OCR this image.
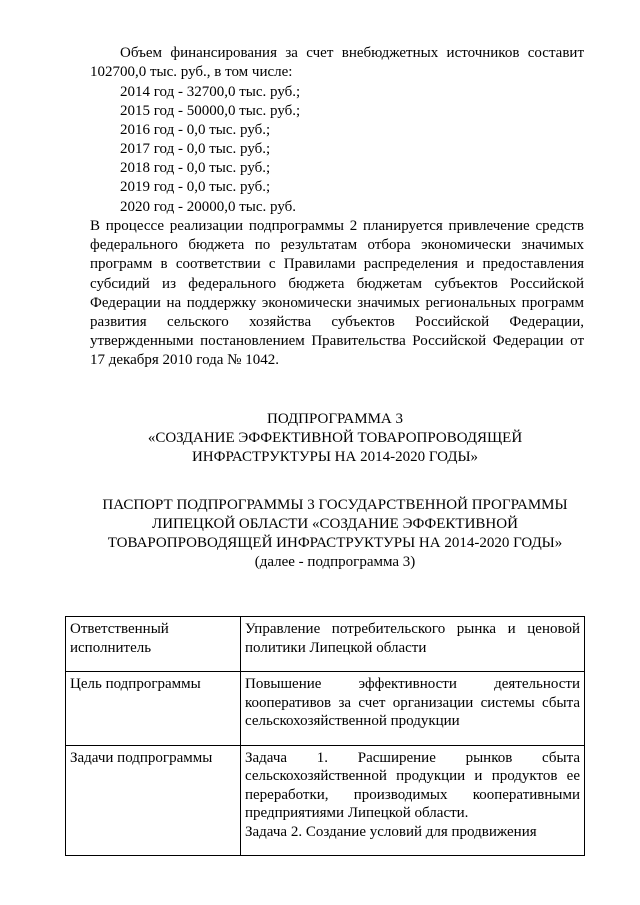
Объем финансирования за счет внебюджетных источников составит 102700,0 тыс. руб., в том числе:

2014 год - 32700,0 тыс. руб.;
2015 год - 50000,0 тыс. руб.;
2016 год - 0,0 тыс. руб.;
2017 год - 0,0 тыс. руб.;
2018 год - 0,0 тыс. руб.;
2019 год - 0,0 тыс. руб.;
2020 год - 20000,0 тыс. руб.

В процессе реализации подпрограммы 2 планируется привлечение средств федерального бюджета по результатам отбора экономически значимых программ в соответствии с Правилами распределения и предоставления субсидий из федерального бюджета бюджетам субъектов Российской Федерации на поддержку экономически значимых региональных программ развития сельского хозяйства субъектов Российской Федерации, утвержденными постановлением Правительства Российской Федерации от 17 декабря 2010 года № 1042.

ПОДПРОГРАММА 3
«СОЗДАНИЕ ЭФФЕКТИВНОЙ ТОВАРОПРОВОДЯЩЕЙ
ИНФРАСТРУКТУРЫ НА 2014-2020 ГОДЫ»
ПАСПОРТ ПОДПРОГРАММЫ 3 ГОСУДАРСТВЕННОЙ ПРОГРАММЫ
ЛИПЕЦКОЙ ОБЛАСТИ «СОЗДАНИЕ ЭФФЕКТИВНОЙ
ТОВАРОПРОВОДЯЩЕЙ ИНФРАСТРУКТУРЫ НА 2014-2020 ГОДЫ»
(далее - подпрограмма 3)
Ответственный исполнитель	Управление потребительского рынка и ценовой политики Липецкой области
Цель подпрограммы	Повышение эффективности деятельности кооперативов за счет организации системы сбыта сельскохозяйственной продукции
Задачи подпрограммы	Задача 1. Расширение рынков сбыта сельскохозяйственной продукции и продуктов ее переработки, производимых кооперативными предприятиями Липецкой области.
Задача 2. Создание условий для продвижения
